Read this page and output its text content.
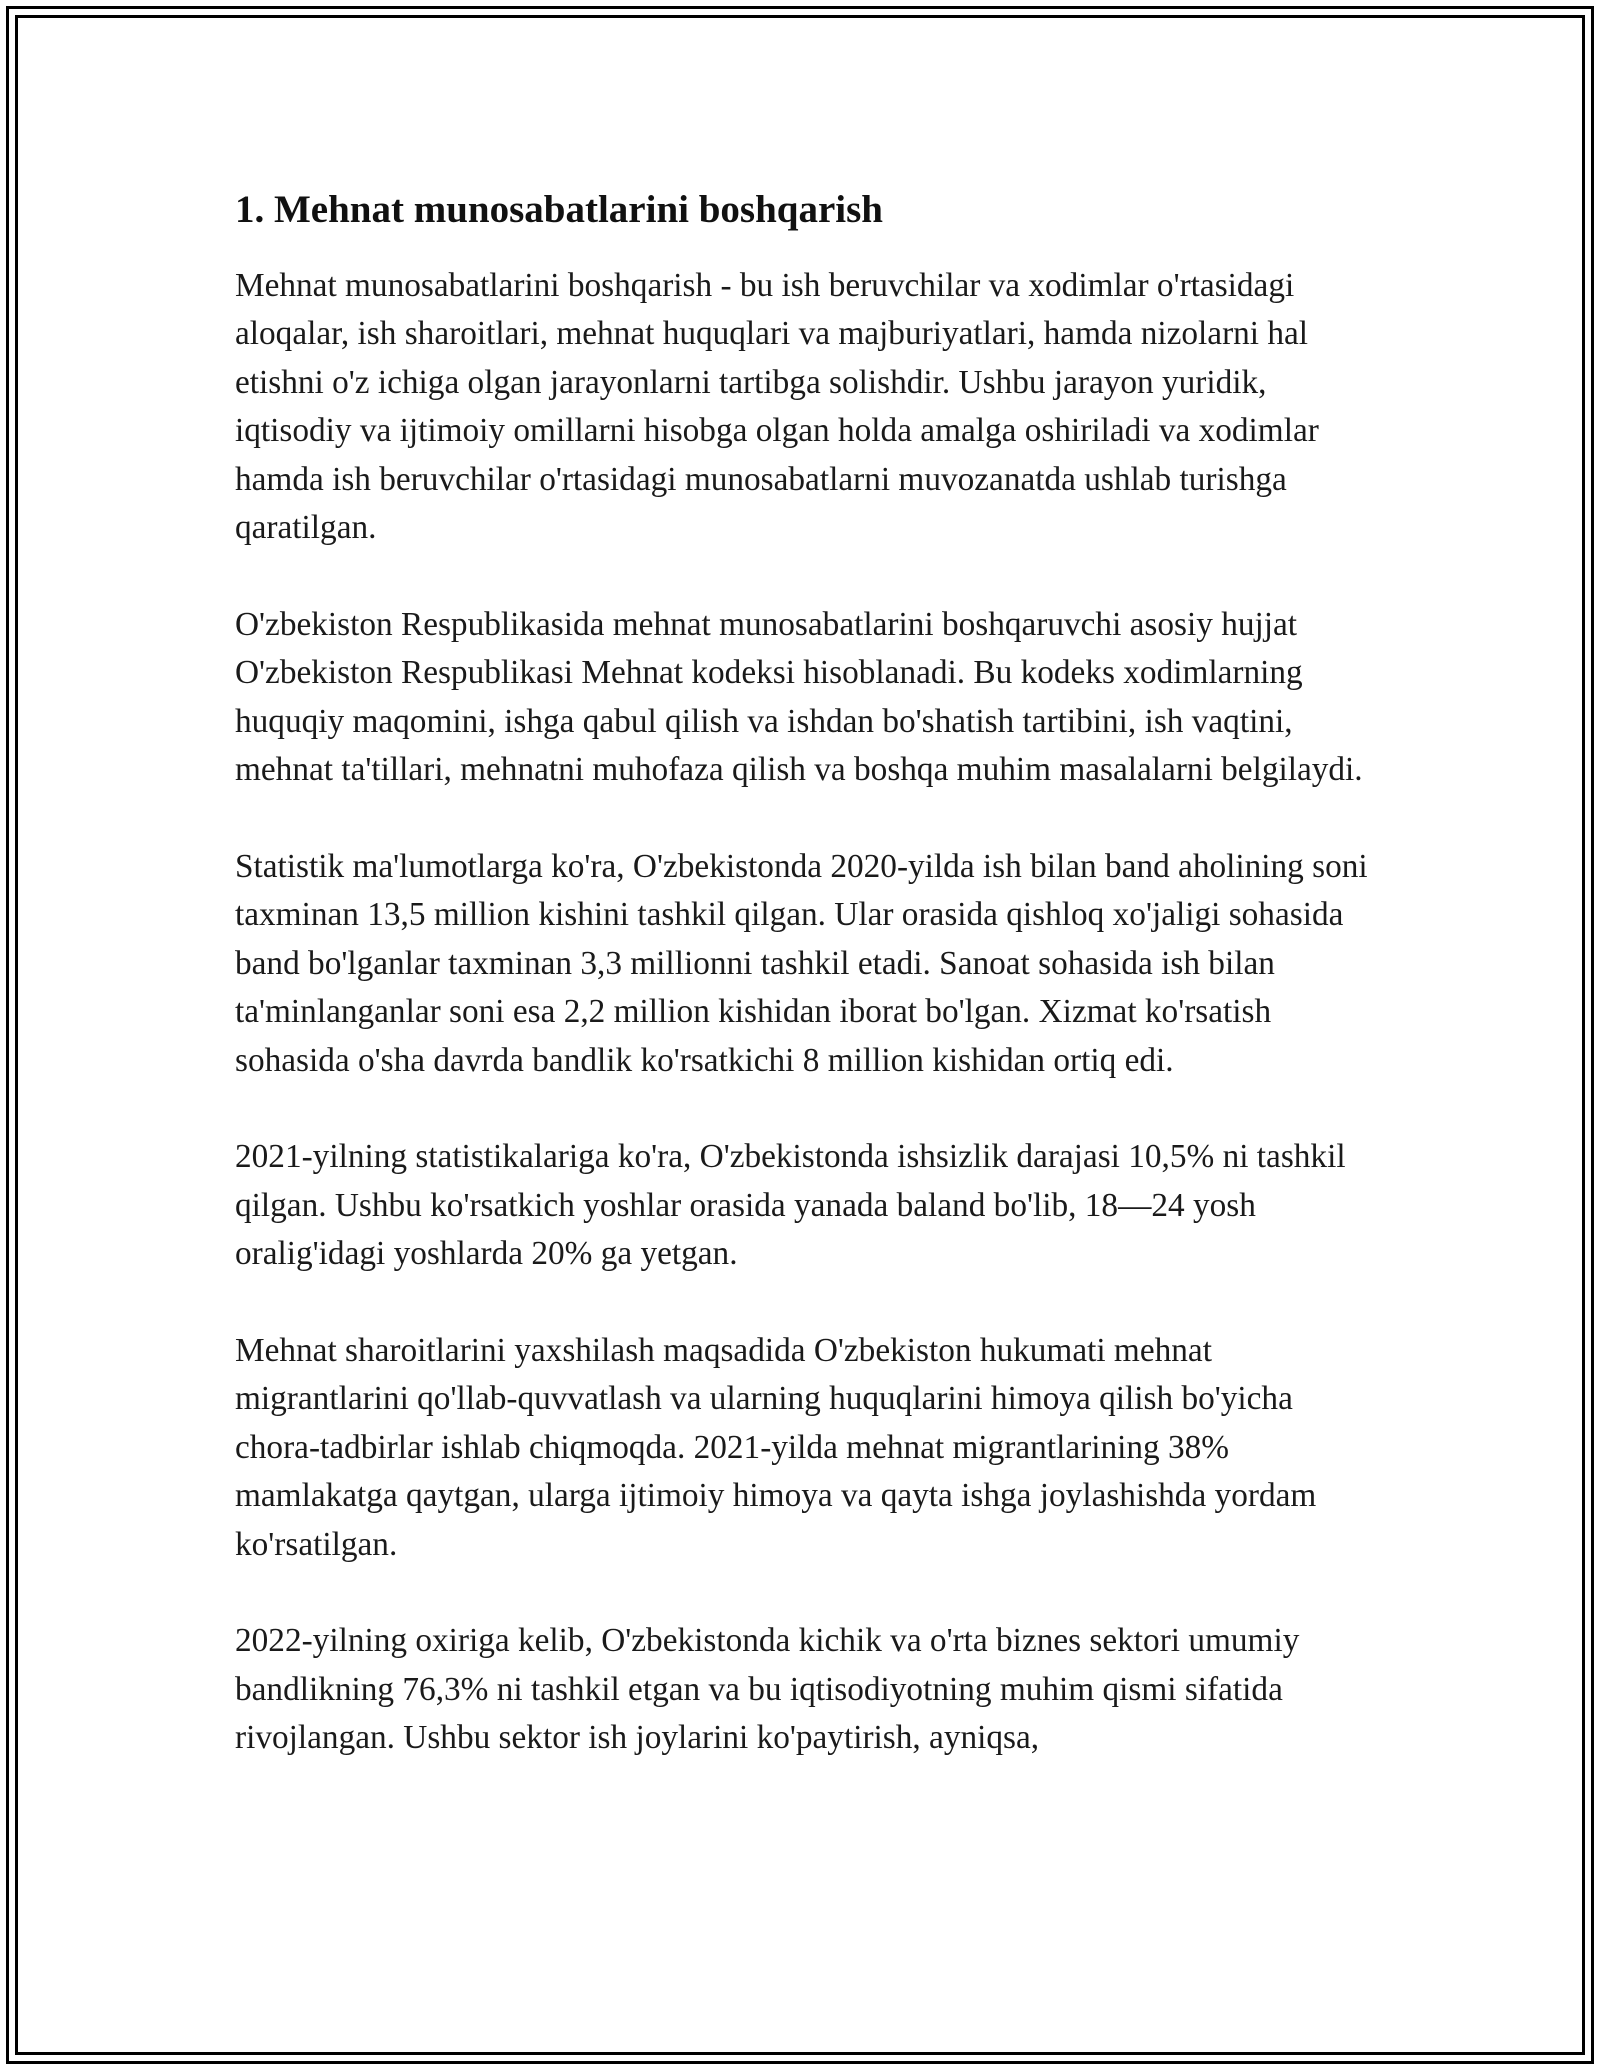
1. Mehnat munosabatlarini boshqarish

Mehnat munosabatlarini boshqarish - bu ish beruvchilar va xodimlar o'rtasidagi aloqalar, ish sharoitlari, mehnat huquqlari va majburiyatlari, hamda nizolarni hal etishni o'z ichiga olgan jarayonlarni tartibga solishdir. Ushbu jarayon yuridik, iqtisodiy va ijtimoiy omillarni hisobga olgan holda amalga oshiriladi va xodimlar hamda ish beruvchilar o'rtasidagi munosabatlarni muvozanatda ushlab turishga qaratilgan.

O'zbekiston Respublikasida mehnat munosabatlarini boshqaruvchi asosiy hujjat O'zbekiston Respublikasi Mehnat kodeksi hisoblanadi. Bu kodeks xodimlarning huquqiy maqomini, ishga qabul qilish va ishdan bo'shatish tartibini, ish vaqtini, mehnat ta'tillari, mehnatni muhofaza qilish va boshqa muhim masalalarni belgilaydi.

Statistik ma'lumotlarga ko'ra, O'zbekistonda 2020-yilda ish bilan band aholining soni taxminan 13,5 million kishini tashkil qilgan. Ular orasida qishloq xo'jaligi sohasida band bo'lganlar taxminan 3,3 millionni tashkil etadi. Sanoat sohasida ish bilan ta'minlanganlar soni esa 2,2 million kishidan iborat bo'lgan. Xizmat ko'rsatish sohasida o'sha davrda bandlik ko'rsatkichi 8 million kishidan ortiq edi.

2021-yilning statistikalariga ko'ra, O'zbekistonda ishsizlik darajasi 10,5% ni tashkil qilgan. Ushbu ko'rsatkich yoshlar orasida yanada baland bo'lib, 18—24 yosh oralig'idagi yoshlarda 20% ga yetgan.

Mehnat sharoitlarini yaxshilash maqsadida O'zbekiston hukumati mehnat migrantlarini qo'llab-quvvatlash va ularning huquqlarini himoya qilish bo'yicha chora-tadbirlar ishlab chiqmoqda. 2021-yilda mehnat migrantlarining 38% mamlakatga qaytgan, ularga ijtimoiy himoya va qayta ishga joylashishda yordam ko'rsatilgan.

2022-yilning oxiriga kelib, O'zbekistonda kichik va o'rta biznes sektori umumiy bandlikning 76,3% ni tashkil etgan va bu iqtisodiyotning muhim qismi sifatida rivojlangan. Ushbu sektor ish joylarini ko'paytirish, ayniqsa,
